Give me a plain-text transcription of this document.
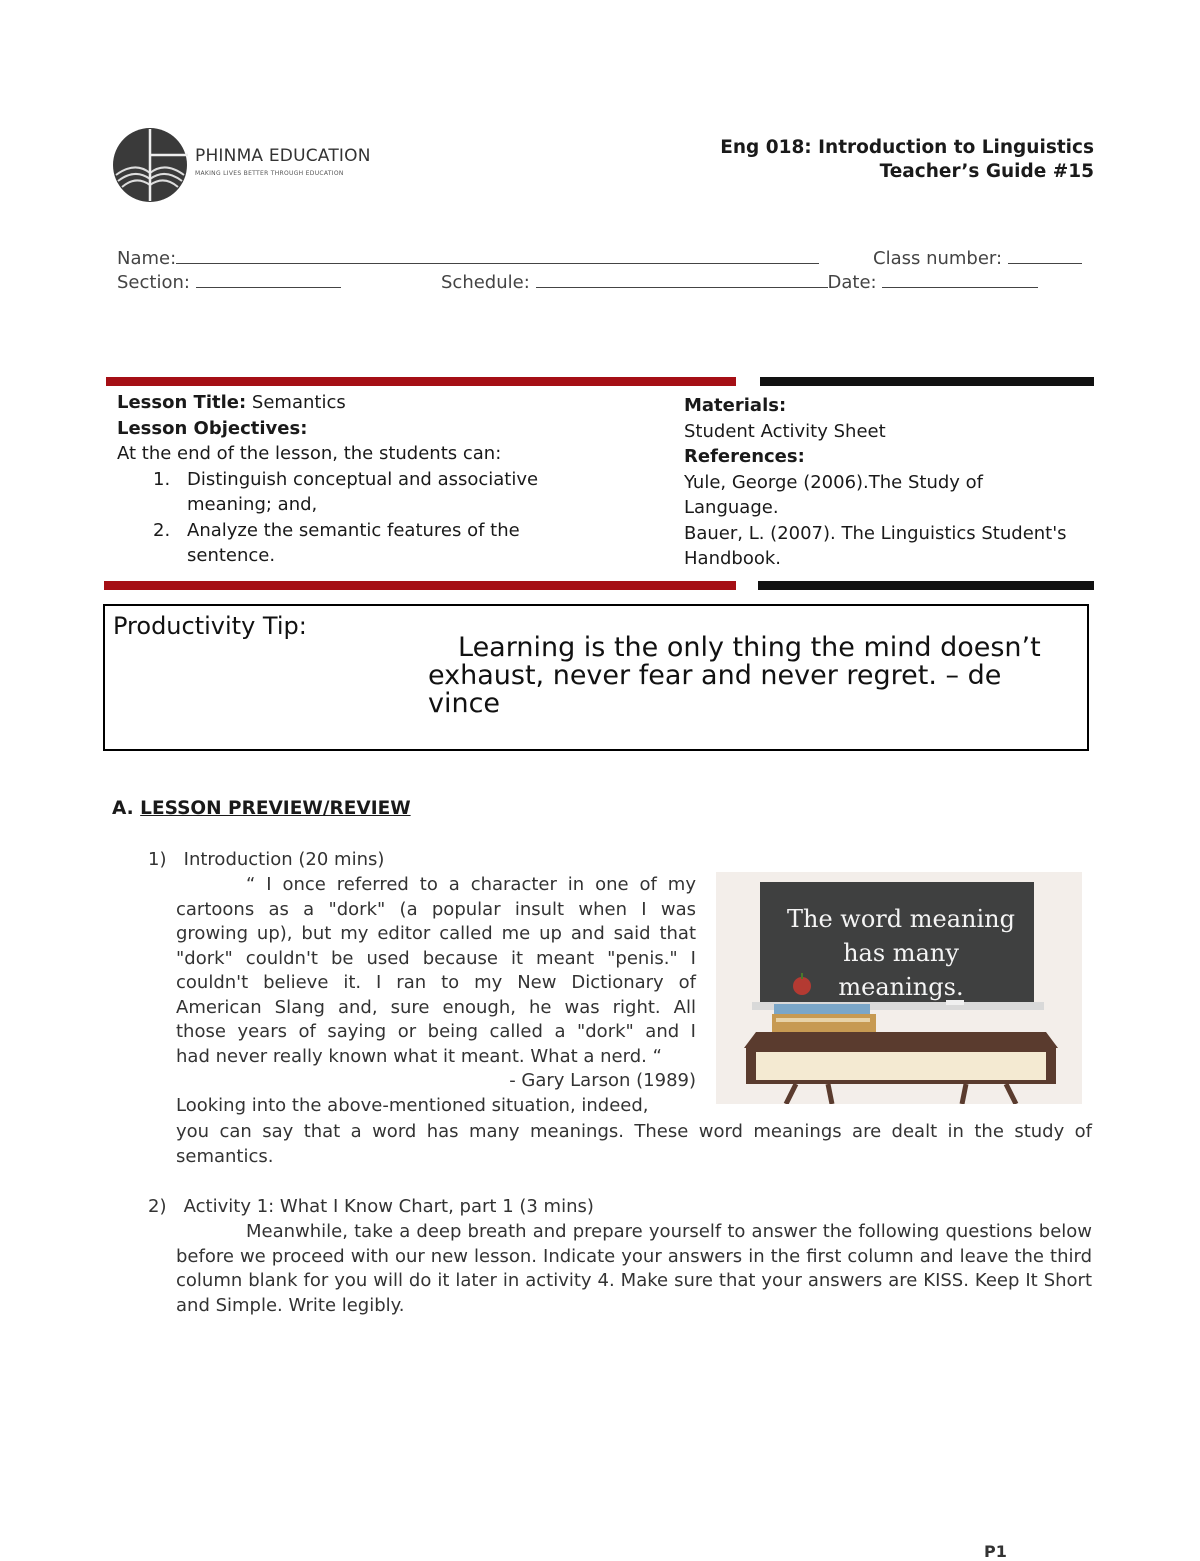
PHINMA EDUCATION
MAKING LIVES BETTER THROUGH EDUCATION
Eng 018: Introduction to Linguistics
Teacher’s Guide #15
Name:	Class number:
Section:	Schedule:	Date:
Lesson Title: Semantics
Lesson Objectives:
At the end of the lesson, the students can:
1. Distinguish conceptual and associative
meaning; and,
2. Analyze the semantic features of the
sentence.
Materials:
Student Activity Sheet
References:
Yule, George (2006).The Study of
Language.
Bauer, L. (2007). The Linguistics Student's
Handbook.
Productivity Tip:
Learning is the only thing the mind doesn’t exhaust, never fear and never regret. – de vince
A. LESSON PREVIEW/REVIEW
1) Introduction (20 mins)
“ I once referred to a character in one of my
cartoons as a "dork" (a popular insult when I was
growing up), but my editor called me up and said that
"dork" couldn't be used because it meant "penis." I
couldn't believe it. I ran to my New Dictionary of
American Slang and, sure enough, he was right. All
those years of saying or being called a "dork" and I
had never really known what it meant. What a nerd. “
- Gary Larson (1989)
Looking into the above-mentioned situation, indeed,
you can say that a word has many meanings. These word meanings are dealt in the study of semantics.
The word meaning
has many meanings.
2) Activity 1: What I Know Chart, part 1 (3 mins)
Meanwhile, take a deep breath and prepare yourself to answer the following questions below before we proceed with our new lesson. Indicate your answers in the first column and leave the third column blank for you will do it later in activity 4. Make sure that your answers are KISS. Keep It Short and Simple. Write legibly.
P1
